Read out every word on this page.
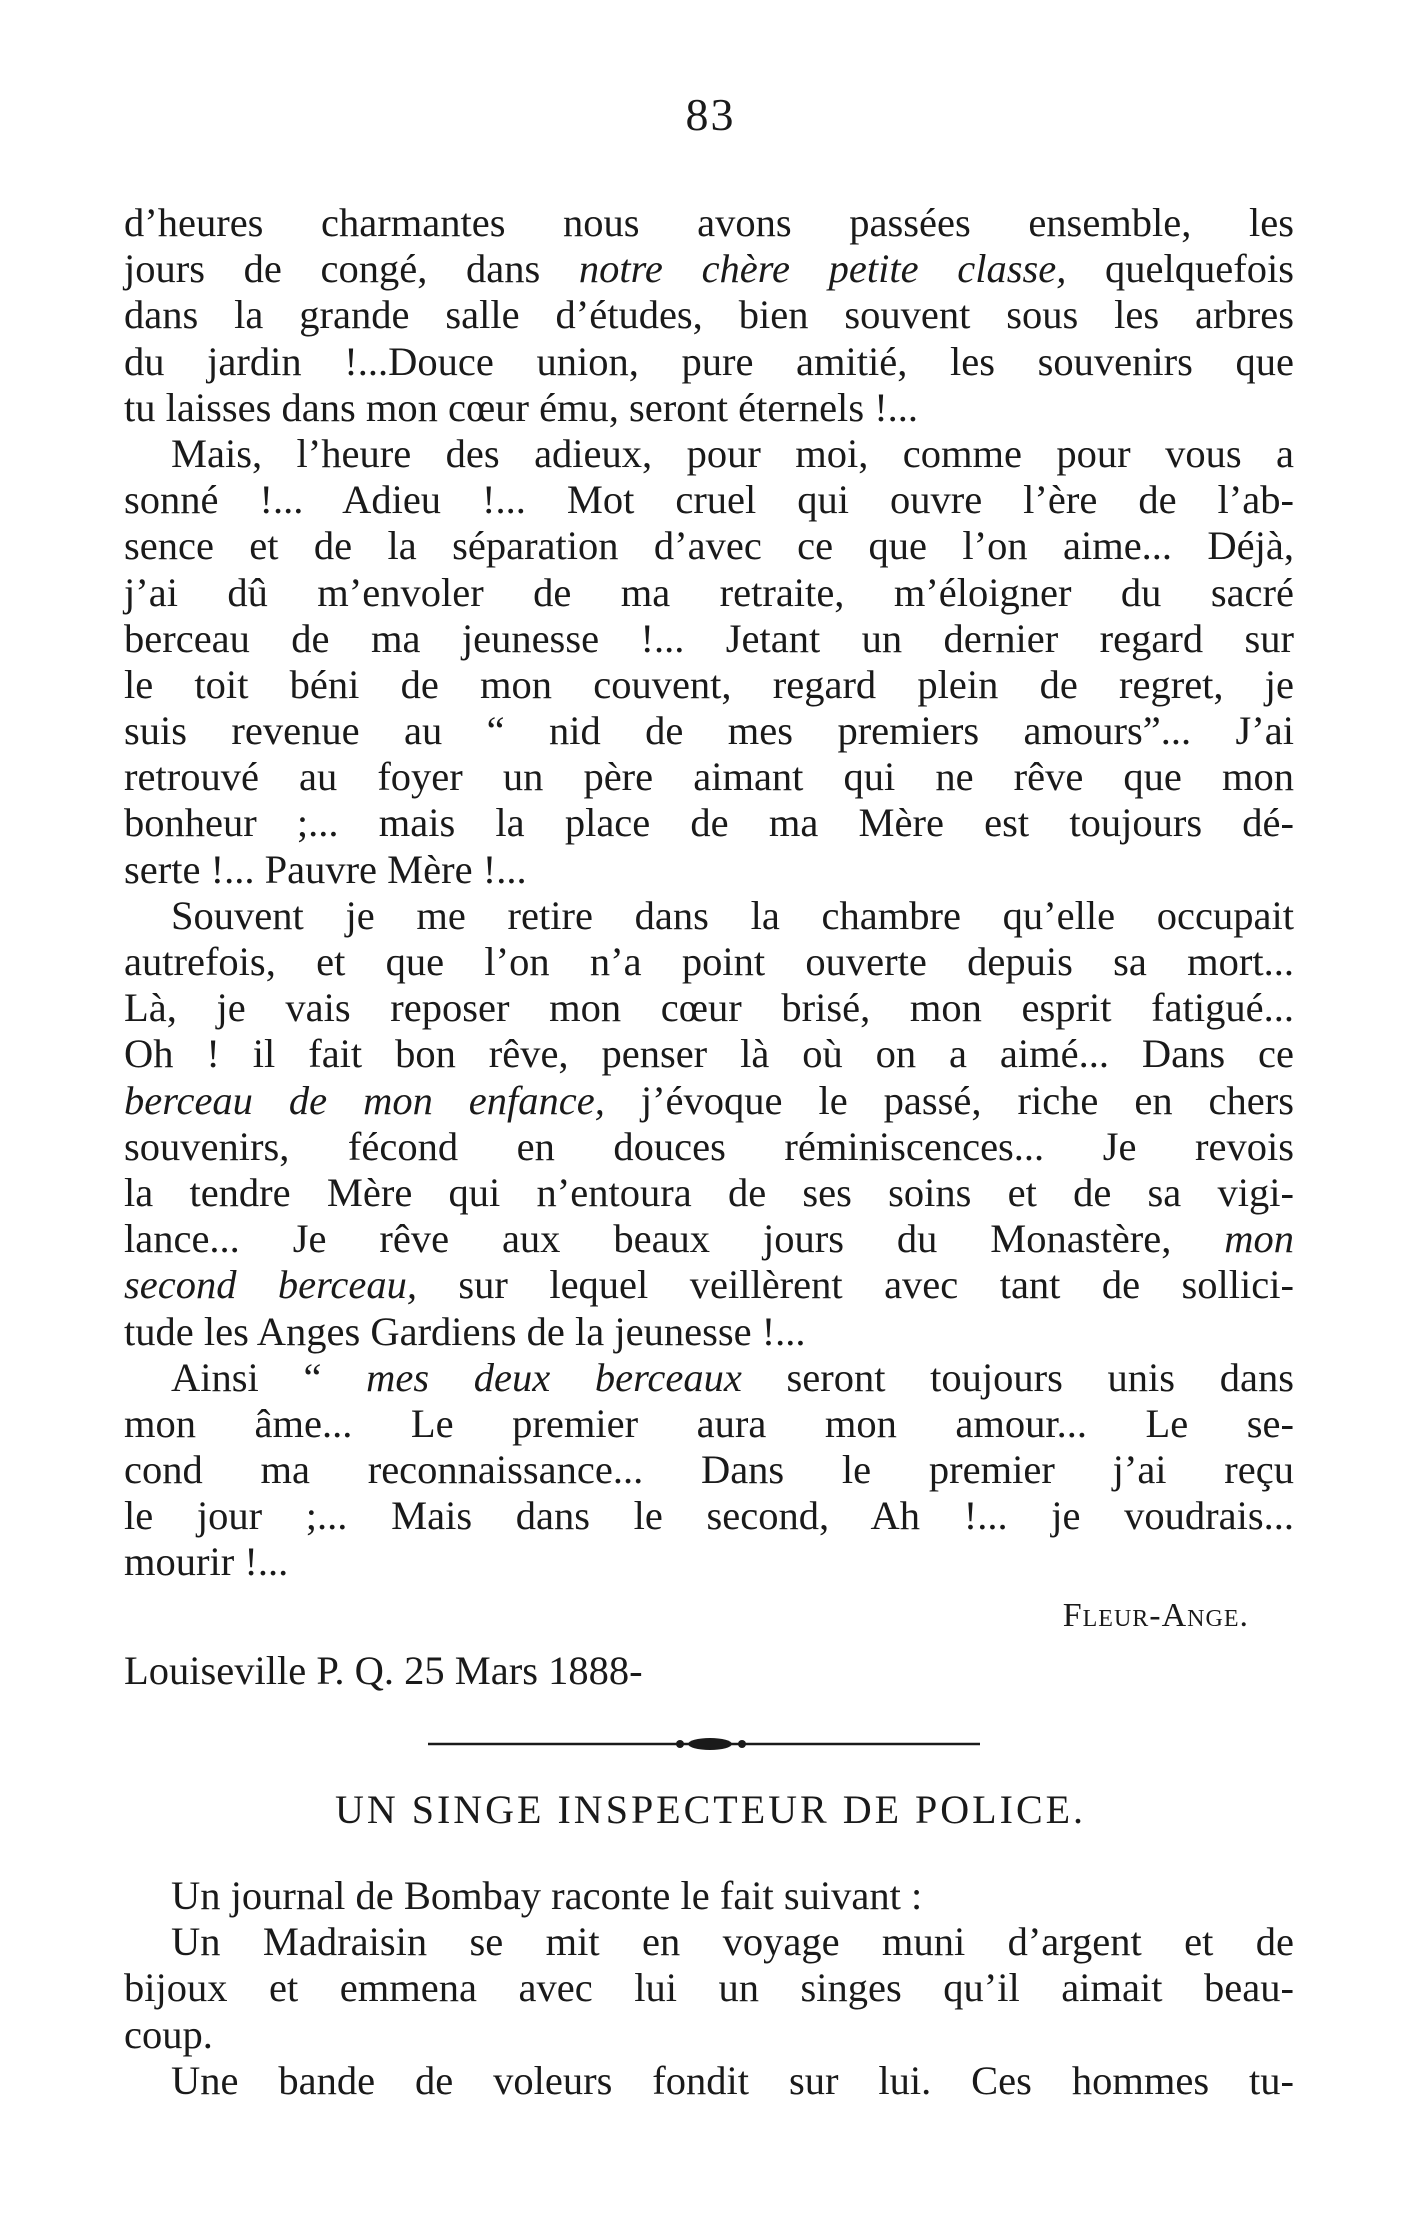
83
d’heures charmantes nous avons passées ensemble, les
jours de congé, dans notre chère petite classe, quelquefois
dans la grande salle d’études, bien souvent sous les arbres
du jardin !...Douce union, pure amitié, les souvenirs que
tu laisses dans mon cœur ému, seront éternels !...
Mais, l’heure des adieux, pour moi, comme pour vous a
sonné !... Adieu !... Mot cruel qui ouvre l’ère de l’ab-
sence et de la séparation d’avec ce que l’on aime... Déjà,
j’ai dû m’envoler de ma retraite, m’éloigner du sacré
berceau de ma jeunesse !... Jetant un dernier regard sur
le toit béni de mon couvent, regard plein de regret, je
suis revenue au “ nid de mes premiers amours”... J’ai
retrouvé au foyer un père aimant qui ne rêve que mon
bonheur ;... mais la place de ma Mère est toujours dé-
serte !... Pauvre Mère !...
Souvent je me retire dans la chambre qu’elle occupait
autrefois, et que l’on n’a point ouverte depuis sa mort...
Là, je vais reposer mon cœur brisé, mon esprit fatigué...
Oh ! il fait bon rêve, penser là où on a aimé... Dans ce
berceau de mon enfance, j’évoque le passé, riche en chers
souvenirs, fécond en douces réminiscences... Je revois
la tendre Mère qui n’entoura de ses soins et de sa vigi-
lance... Je rêve aux beaux jours du Monastère, mon
second berceau, sur lequel veillèrent avec tant de sollici-
tude les Anges Gardiens de la jeunesse !...
Ainsi “ mes deux berceaux seront toujours unis dans
mon âme... Le premier aura mon amour... Le se-
cond ma reconnaissance... Dans le premier j’ai reçu
le jour ;... Mais dans le second, Ah !... je voudrais...
mourir !...
Fleur-Ange.
Louiseville P. Q. 25 Mars 1888-
UN SINGE INSPECTEUR DE POLICE.
Un journal de Bombay raconte le fait suivant :
Un Madraisin se mit en voyage muni d’argent et de
bijoux et emmena avec lui un singes qu’il aimait beau-
coup.
Une bande de voleurs fondit sur lui. Ces hommes tu-
